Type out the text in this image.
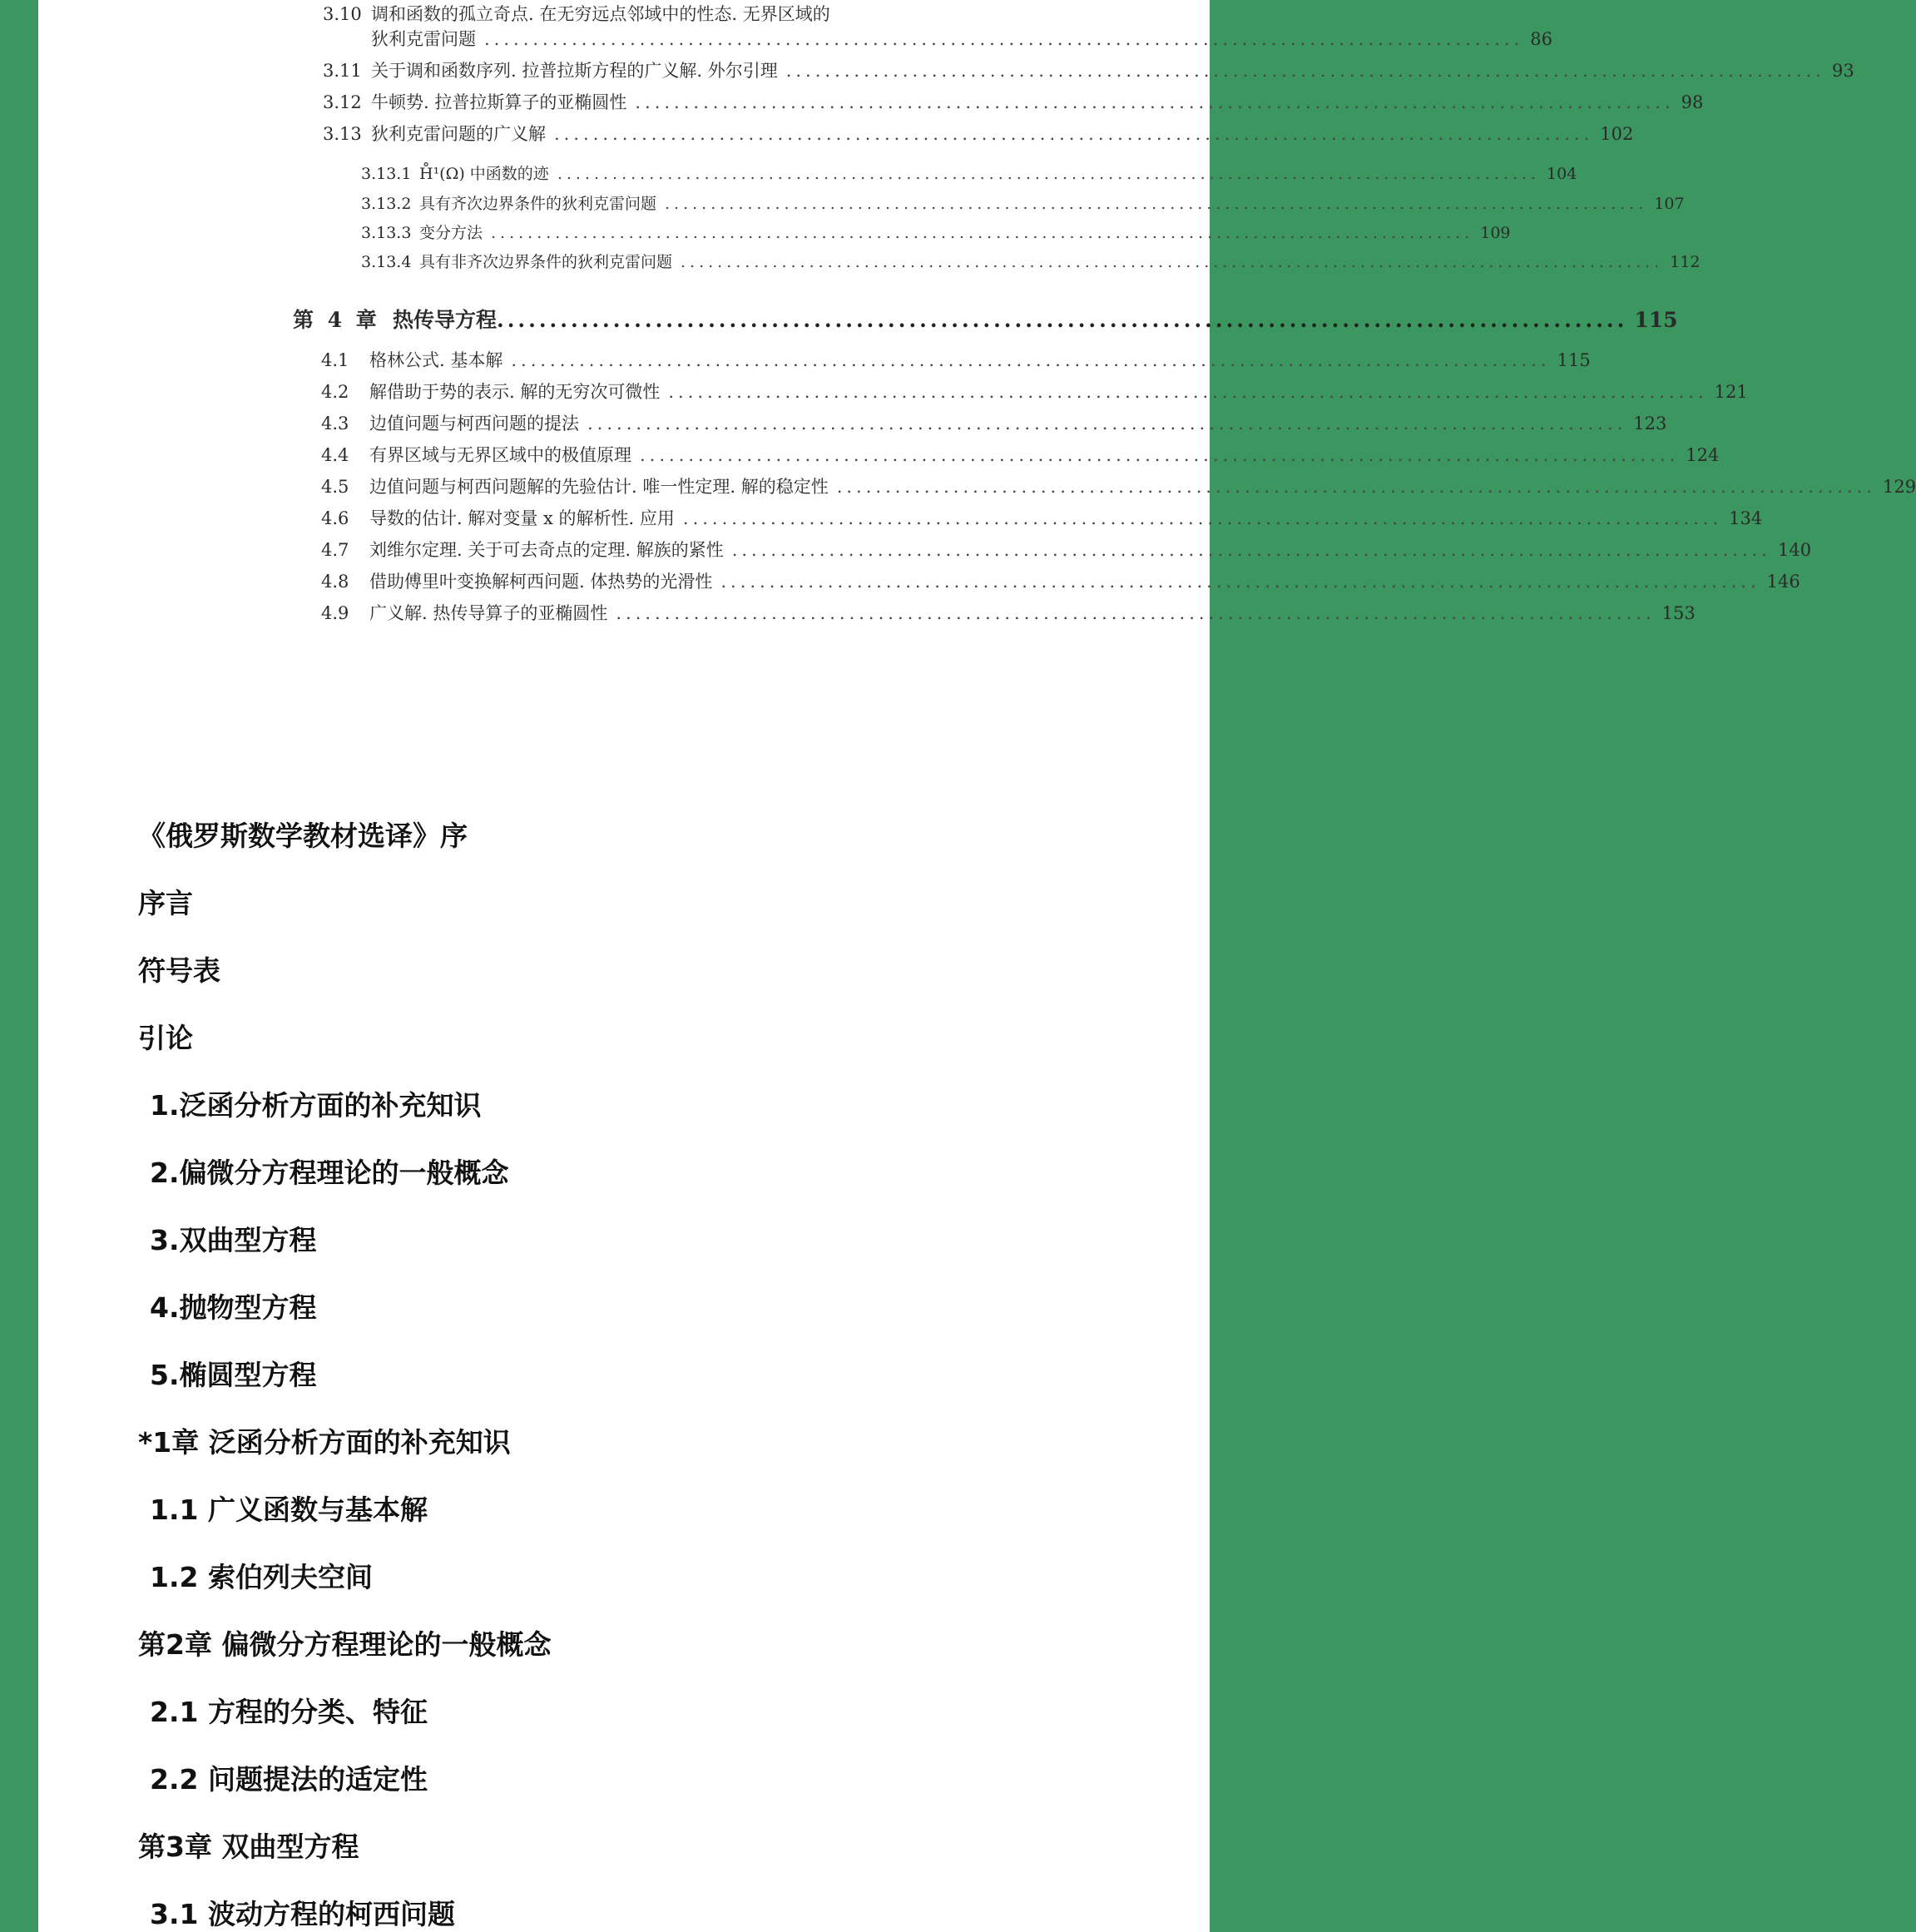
3.10 调和函数的孤立奇点. 在无穷远点邻域中的性态. 无界区域的
狄利克雷问题 ........................................................................................................... 86
3.11 关于调和函数序列. 拉普拉斯方程的广义解. 外尔引理 ........................................................................................................... 93
3.12 牛顿势. 拉普拉斯算子的亚椭圆性 ........................................................................................................... 98
3.13 狄利克雷问题的广义解 ........................................................................................................... 102
3.13.1 H̊¹(Ω) 中函数的迹 ........................................................................................................... 104
3.13.2 具有齐次边界条件的狄利克雷问题 ........................................................................................................... 107
3.13.3 变分方法 ........................................................................................................... 109
3.13.4 具有非齐次边界条件的狄利克雷问题 ........................................................................................................... 112
第 4 章 热传导方程 ........................................................................................................... 115
4.1	格林公式. 基本解 ........................................................................................................... 115
4.2	解借助于势的表示. 解的无穷次可微性 ........................................................................................................... 121
4.3	边值问题与柯西问题的提法 ........................................................................................................... 123
4.4	有界区域与无界区域中的极值原理 ........................................................................................................... 124
4.5	边值问题与柯西问题解的先验估计. 唯一性定理. 解的稳定性 ........................................................................................................... 129
4.6	导数的估计. 解对变量 x 的解析性. 应用 ........................................................................................................... 134
4.7	刘维尔定理. 关于可去奇点的定理. 解族的紧性 ........................................................................................................... 140
4.8	借助傅里叶变换解柯西问题. 体热势的光滑性 ........................................................................................................... 146
4.9	广义解. 热传导算子的亚椭圆性 ........................................................................................................... 153
《俄罗斯数学教材选译》序
序言
符号表
引论
1.泛函分析方面的补充知识
2.偏微分方程理论的一般概念
3.双曲型方程
4.抛物型方程
5.椭圆型方程
*1章 泛函分析方面的补充知识
1.1 广义函数与基本解
1.2 索伯列夫空间
第2章 偏微分方程理论的一般概念
2.1 方程的分类、特征
2.2 问题提法的适定性
第3章 双曲型方程
3.1 波动方程的柯西问题
